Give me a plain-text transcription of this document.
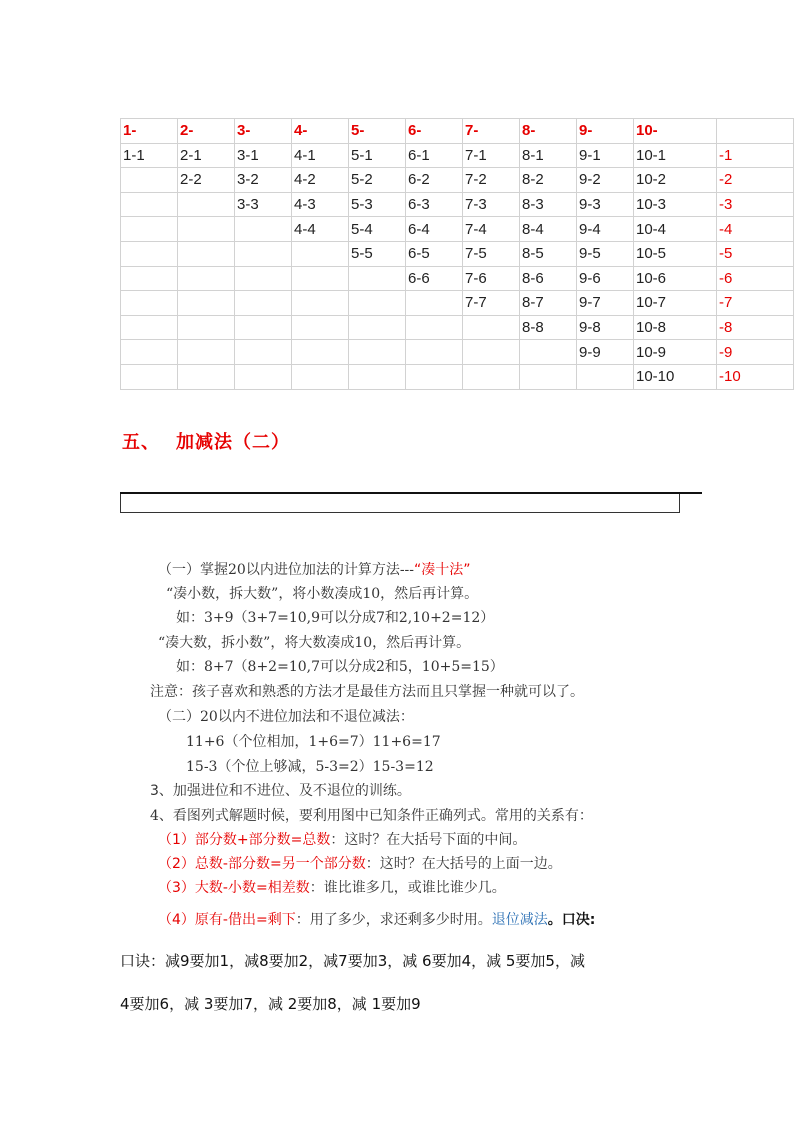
1-	2-	3-	4-	5-	6-	7-	8-	9-	10-	
1-1	2-1	3-1	4-1	5-1	6-1	7-1	8-1	9-1	10-1	-1
	2-2	3-2	4-2	5-2	6-2	7-2	8-2	9-2	10-2	-2
		3-3	4-3	5-3	6-3	7-3	8-3	9-3	10-3	-3
			4-4	5-4	6-4	7-4	8-4	9-4	10-4	-4
				5-5	6-5	7-5	8-5	9-5	10-5	-5
					6-6	7-6	8-6	9-6	10-6	-6
						7-7	8-7	9-7	10-7	-7
							8-8	9-8	10-8	-8
								9-9	10-9	-9
									10-10	-10
五、 加减法（二）
（一）掌握20以内进位加法的计算方法---“凑十法”
“凑小数，拆大数”，将小数凑成10，然后再计算。
如：3+9（3+7=10,9可以分成7和2,10+2=12）
“凑大数，拆小数”，将大数凑成10，然后再计算。
如：8+7（8+2=10,7可以分成2和5，10+5=15）
注意：孩子喜欢和熟悉的方法才是最佳方法而且只掌握一种就可以了。
（二）20以内不进位加法和不退位减法：
11+6（个位相加，1+6=7）11+6=17
15-3（个位上够减，5-3=2）15-3=12
3、加强进位和不进位、及不退位的训练。
4、看图列式解题时候，要利用图中已知条件正确列式。常用的关系有：
（1）部分数+部分数=总数：这时？在大括号下面的中间。
（2）总数-部分数=另一个部分数：这时？在大括号的上面一边。
（3）大数-小数=相差数：谁比谁多几，或谁比谁少几。
（4）原有-借出=剩下：用了多少，求还剩多少时用。退位减法。口决:
口诀：减9要加1，减8要加2，减7要加3，减 6要加4，减 5要加5，减
4要加6，减 3要加7，减 2要加8，减 1要加9
